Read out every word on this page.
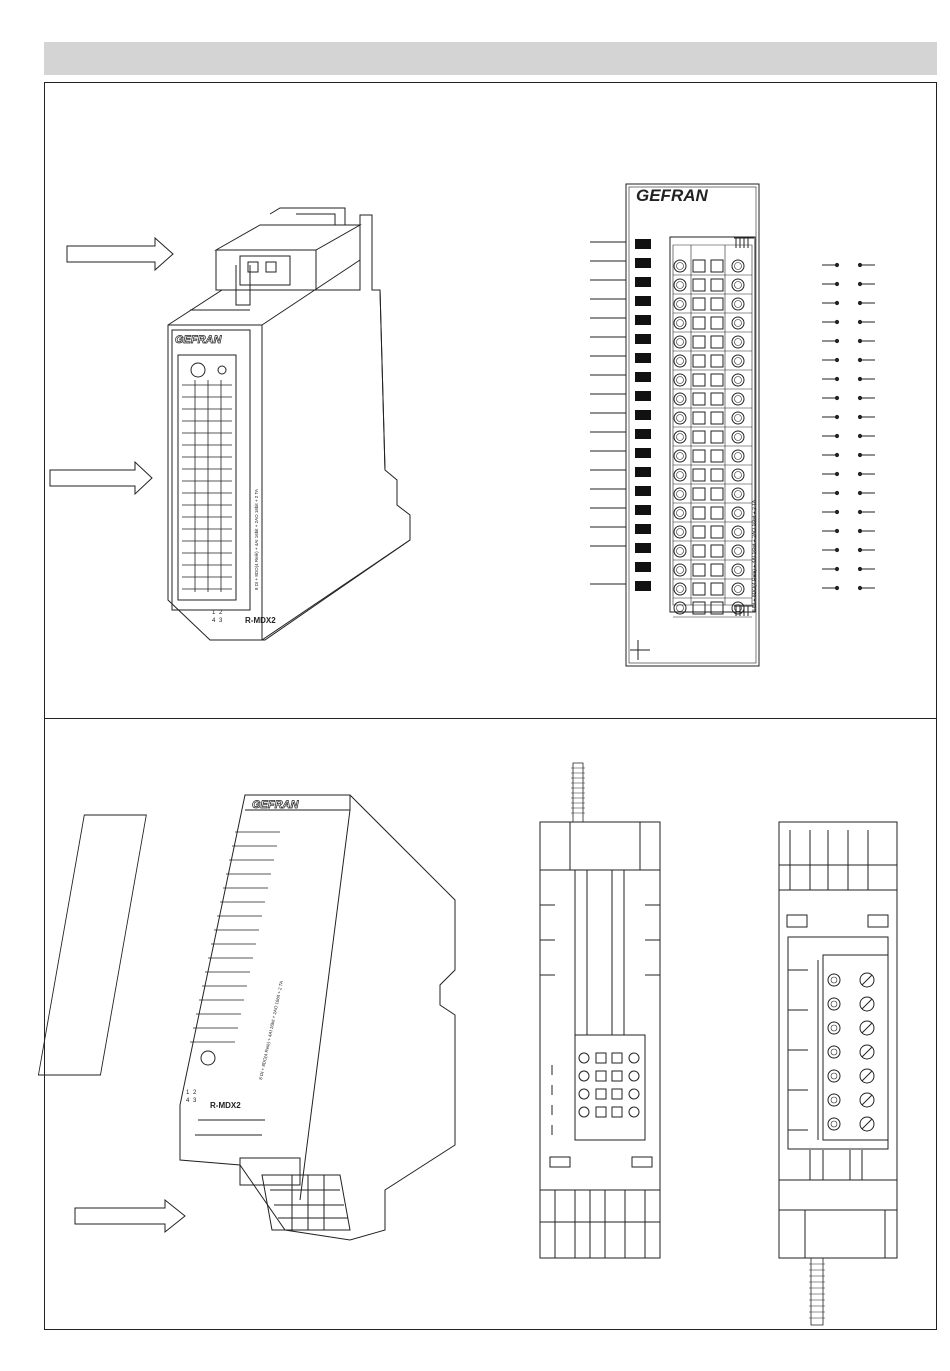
GEFRAN
8 DI + 8DO(4 Relè) + 4AI 16bit + 2AO 16bit + 2 TA
R-MDX2
1 2
4 3
GEFRAN
8 DI + 8DO(4 Relè) + 4AI 16bit + 2AO 16bit + 2 TA
GEFRAN
8 DI + 8DO(4 Relè) + 4AI 16bit + 2AO 16bit + 2 TA
R-MDX2
1 2
4 3
